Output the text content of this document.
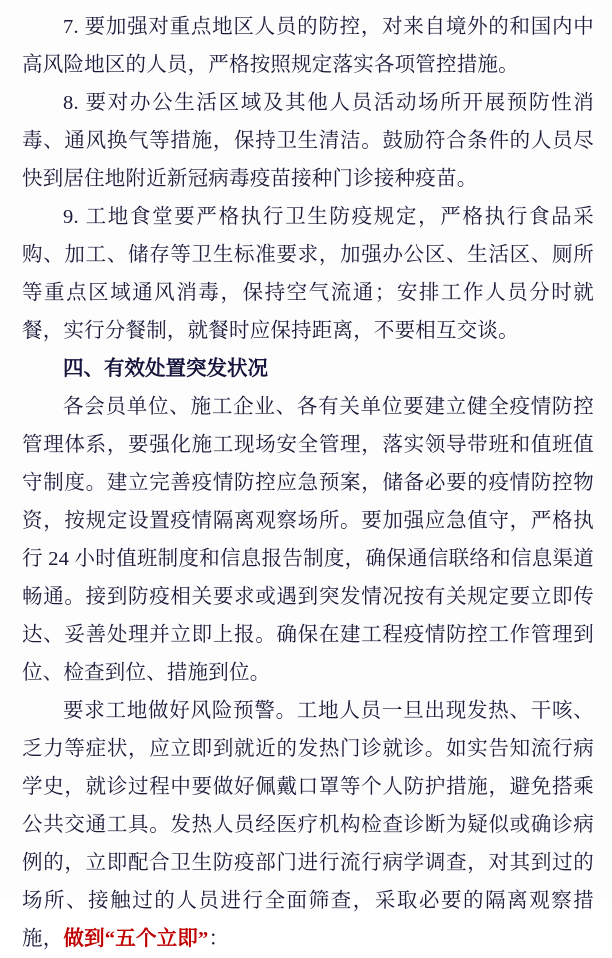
7. 要加强对重点地区人员的防控，对来自境外的和国内中高风险地区的人员，严格按照规定落实各项管控措施。

8. 要对办公生活区域及其他人员活动场所开展预防性消毒、通风换气等措施，保持卫生清洁。鼓励符合条件的人员尽快到居住地附近新冠病毒疫苗接种门诊接种疫苗。

9. 工地食堂要严格执行卫生防疫规定，严格执行食品采购、加工、储存等卫生标准要求，加强办公区、生活区、厕所等重点区域通风消毒，保持空气流通；安排工作人员分时就餐，实行分餐制，就餐时应保持距离，不要相互交谈。

四、有效处置突发状况

各会员单位、施工企业、各有关单位要建立健全疫情防控管理体系，要强化施工现场安全管理，落实领导带班和值班值守制度。建立完善疫情防控应急预案，储备必要的疫情防控物资，按规定设置疫情隔离观察场所。要加强应急值守，严格执行 24 小时值班制度和信息报告制度，确保通信联络和信息渠道畅通。接到防疫相关要求或遇到突发情况按有关规定要立即传达、妥善处理并立即上报。确保在建工程疫情防控工作管理到位、检查到位、措施到位。

要求工地做好风险预警。工地人员一旦出现发热、干咳、乏力等症状，应立即到就近的发热门诊就诊。如实告知流行病学史，就诊过程中要做好佩戴口罩等个人防护措施，避免搭乘公共交通工具。发热人员经医疗机构检查诊断为疑似或确诊病例的，立即配合卫生防疫部门进行流行病学调查，对其到过的场所、接触过的人员进行全面筛查，采取必要的隔离观察措施，做到“五个立即”：
